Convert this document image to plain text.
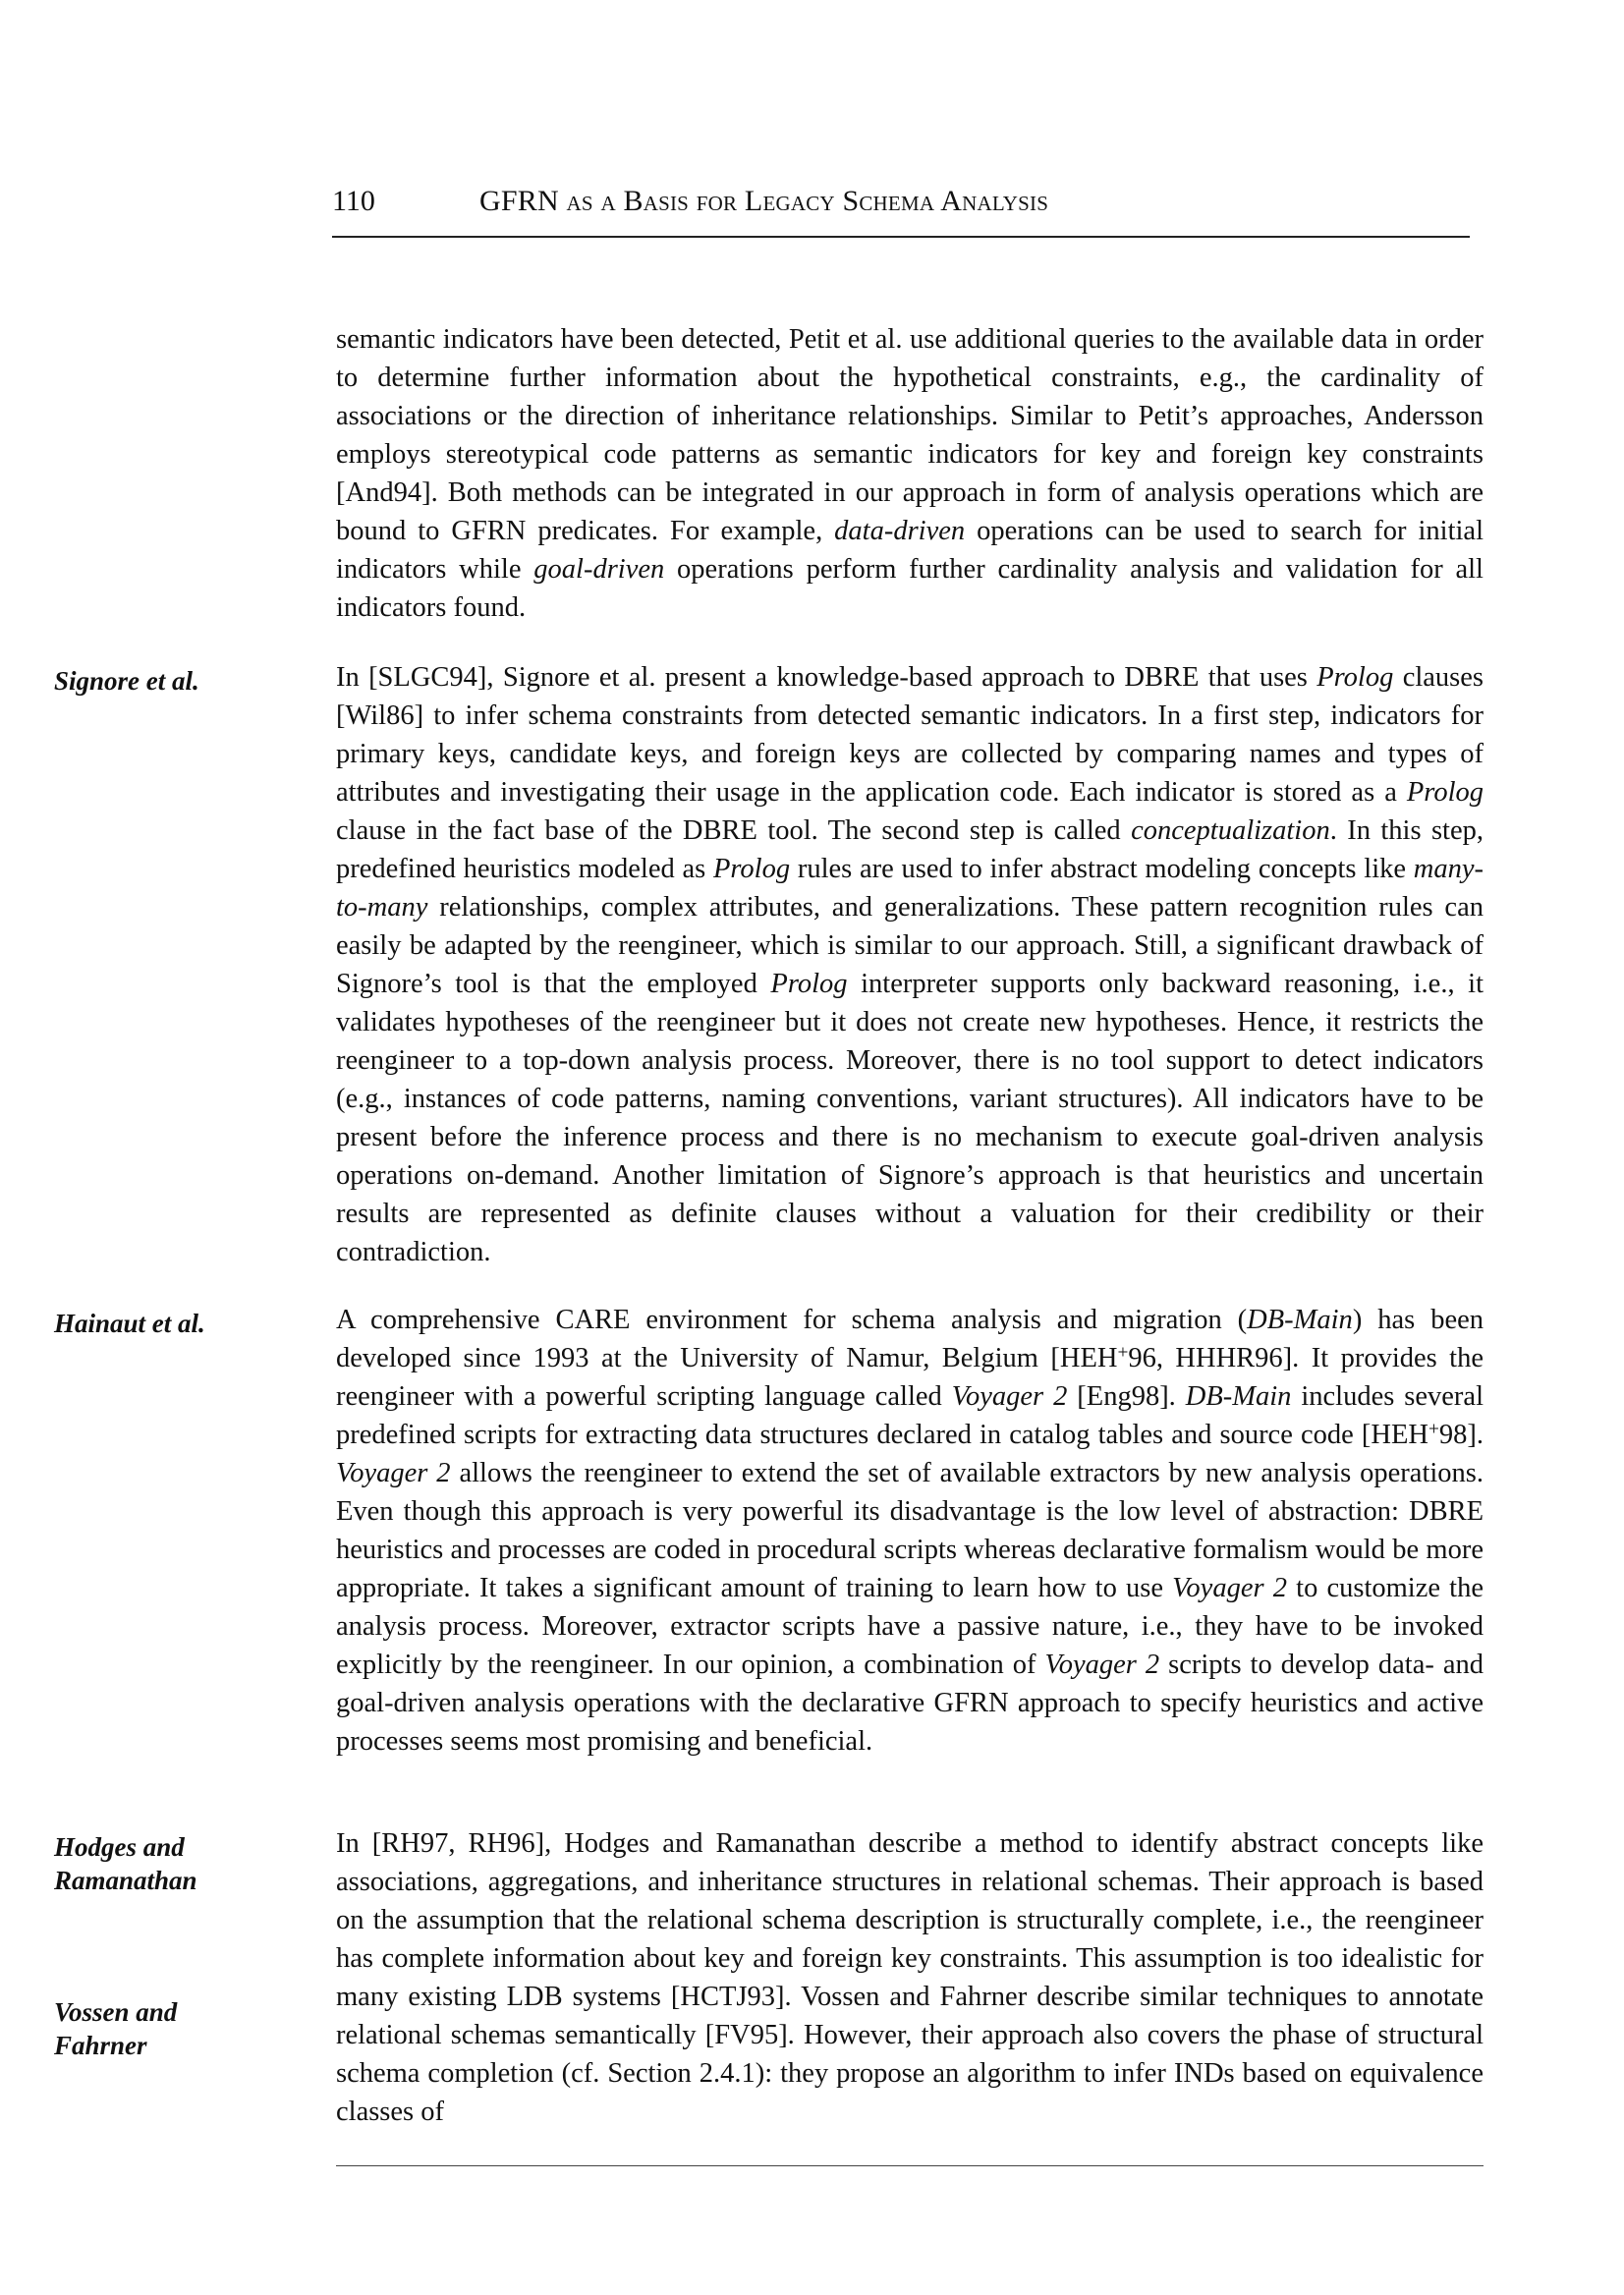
110	GFRN as a Basis for Legacy Schema Analysis

semantic indicators have been detected, Petit et al. use additional queries to the available data in order to determine further information about the hypothetical constraints, e.g., the cardinality of associations or the direction of inheritance relationships. Similar to Petit’s approaches, Andersson employs stereotypical code patterns as semantic indicators for key and foreign key constraints [And94]. Both methods can be integrated in our approach in form of analysis operations which are bound to GFRN predicates. For example, data-driven operations can be used to search for initial indicators while goal-driven operations perform further cardinality analysis and validation for all indicators found.

Signore et al.	In [SLGC94], Signore et al. present a knowledge-based approach to DBRE that uses Prolog clauses [Wil86] to infer schema constraints from detected semantic indicators. In a first step, indicators for primary keys, candidate keys, and foreign keys are collected by comparing names and types of attributes and investigating their usage in the application code. Each indicator is stored as a Prolog clause in the fact base of the DBRE tool. The second step is called conceptualization. In this step, predefined heuristics modeled as Prolog rules are used to infer abstract modeling concepts like many-to-many relationships, complex attributes, and generalizations. These pattern recognition rules can easily be adapted by the reengineer, which is similar to our approach. Still, a significant drawback of Signore’s tool is that the employed Prolog interpreter supports only backward reasoning, i.e., it validates hypotheses of the reengineer but it does not create new hypotheses. Hence, it restricts the reengineer to a top-down analysis process. Moreover, there is no tool support to detect indicators (e.g., instances of code patterns, naming conventions, variant structures). All indicators have to be present before the inference process and there is no mechanism to execute goal-driven analysis operations on-demand. Another limitation of Signore’s approach is that heuristics and uncertain results are represented as definite clauses without a valuation for their credibility or their contradiction.

Hainaut et al.	A comprehensive CARE environment for schema analysis and migration (DB-Main) has been developed since 1993 at the University of Namur, Belgium [HEH+96, HHHR96]. It provides the reengineer with a powerful scripting language called Voyager 2 [Eng98]. DB-Main includes several predefined scripts for extracting data structures declared in catalog tables and source code [HEH+98]. Voyager 2 allows the reengineer to extend the set of available extractors by new analysis operations. Even though this approach is very powerful its disadvantage is the low level of abstraction: DBRE heuristics and processes are coded in procedural scripts whereas declarative formalism would be more appropriate. It takes a significant amount of training to learn how to use Voyager 2 to customize the analysis process. Moreover, extractor scripts have a passive nature, i.e., they have to be invoked explicitly by the reengineer. In our opinion, a combination of Voyager 2 scripts to develop data- and goal-driven analysis operations with the declarative GFRN approach to specify heuristics and active processes seems most promising and beneficial.

Hodges and
Ramanathan
Vossen and
Fahrner

In [RH97, RH96], Hodges and Ramanathan describe a method to identify abstract concepts like associations, aggregations, and inheritance structures in relational schemas. Their approach is based on the assumption that the relational schema description is structurally complete, i.e., the reengineer has complete information about key and foreign key constraints. This assumption is too idealistic for many existing LDB systems [HCTJ93]. Vossen and Fahrner describe similar techniques to annotate relational schemas semantically [FV95]. However, their approach also covers the phase of structural schema completion (cf. Section 2.4.1): they propose an algorithm to infer INDs based on equivalence classes of
